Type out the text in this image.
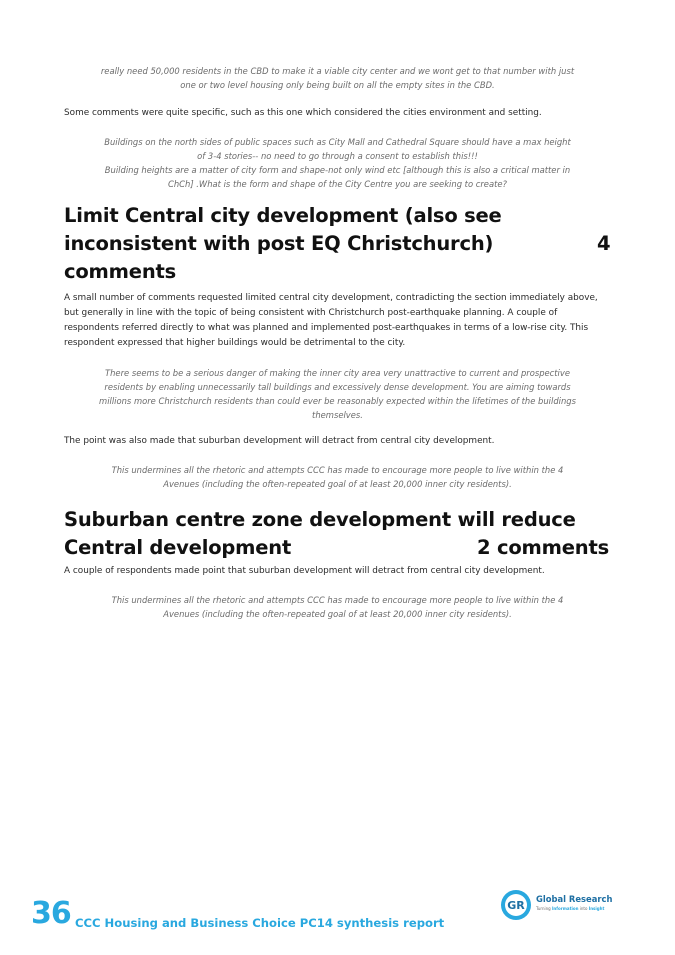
really need 50,000 residents in the CBD to make it a viable city center and we wont get to that number with just
one or two level housing only being built on all the empty sites in the CBD.

Some comments were quite specific, such as this one which considered the cities environment and setting.

Buildings on the north sides of public spaces such as City Mall and Cathedral Square should have a max height
of 3-4 stories-- no need to go through a consent to establish this!!!
Building heights are a matter of city form and shape-not only wind etc [although this is also a critical matter in
ChCh] .What is the form and shape of the City Centre you are seeking to create?
Limit Central city development (also see
inconsistent with post EQ Christchurch)
comments
4
A small number of comments requested limited central city development, contradicting the section immediately above,
but generally in line with the topic of being consistent with Christchurch post-earthquake planning. A couple of
respondents referred directly to what was planned and implemented post-earthquakes in terms of a low-rise city. This
respondent expressed that higher buildings would be detrimental to the city.
There seems to be a serious danger of making the inner city area very unattractive to current and prospective
residents by enabling unnecessarily tall buildings and excessively dense development. You are aiming towards
millions more Christchurch residents than could ever be reasonably expected within the lifetimes of the buildings
themselves.

The point was also made that suburban development will detract from central city development.

This undermines all the rhetoric and attempts CCC has made to encourage more people to live within the 4
Avenues (including the often-repeated goal of at least 20,000 inner city residents).
Suburban centre zone development will reduce
Central development	2 comments

A couple of respondents made point that suburban development will detract from central city development.

This undermines all the rhetoric and attempts CCC has made to encourage more people to live within the 4
Avenues (including the often-repeated goal of at least 20,000 inner city residents).
36 CCC Housing and Business Choice PC14 synthesis report
GR Global Research
Turning Information into Insight
